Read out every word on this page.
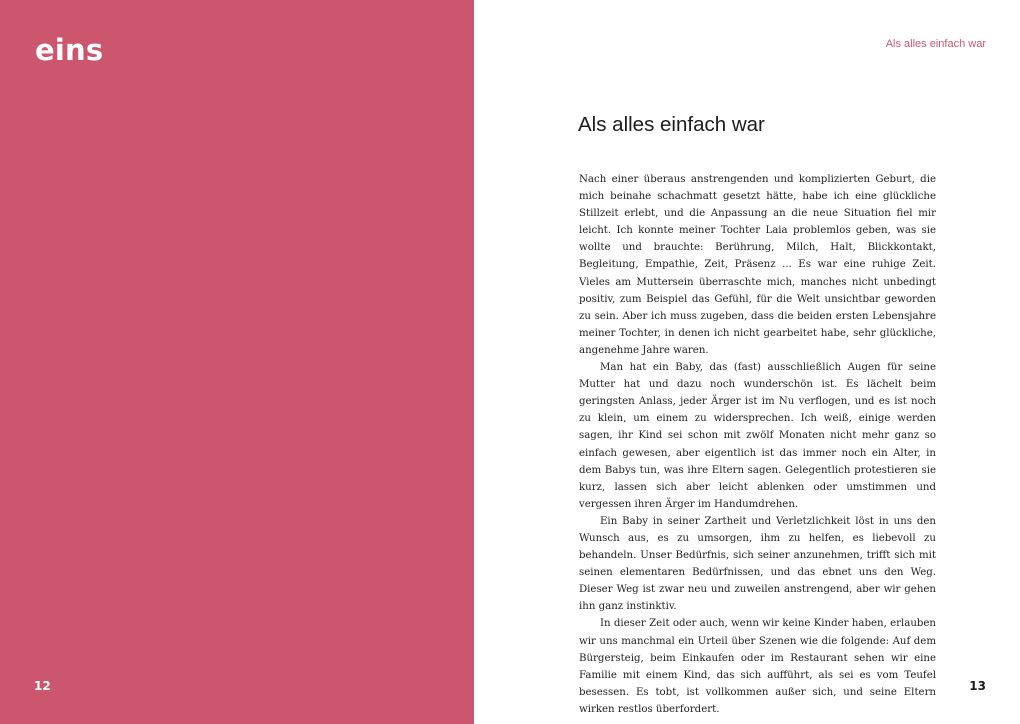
eins
12
Als alles einfach war
Als alles einfach war

Nach einer überaus anstrengenden und komplizierten Geburt, die mich beinahe schachmatt gesetzt hätte, habe ich eine glückliche Stillzeit erlebt, und die Anpassung an die neue Situation fiel mir leicht. Ich konnte meiner Tochter Laia problemlos geben, was sie wollte und brauchte: Berührung, Milch, Halt, Blickkontakt, Begleitung, Empathie, Zeit, Präsenz ... Es war eine ruhige Zeit. Vieles am Muttersein überraschte mich, manches nicht unbedingt positiv, zum Beispiel das Gefühl, für die Welt unsichtbar geworden zu sein. Aber ich muss zugeben, dass die beiden ersten Lebensjahre meiner Tochter, in denen ich nicht gearbeitet habe, sehr glückliche, angenehme Jahre waren.

Man hat ein Baby, das (fast) ausschließlich Augen für seine Mutter hat und dazu noch wunderschön ist. Es lächelt beim geringsten Anlass, jeder Ärger ist im Nu verflogen, und es ist noch zu klein, um einem zu widersprechen. Ich weiß, einige werden sagen, ihr Kind sei schon mit zwölf Monaten nicht mehr ganz so einfach gewesen, aber eigentlich ist das immer noch ein Alter, in dem Babys tun, was ihre Eltern sagen. Gelegentlich protestieren sie kurz, lassen sich aber leicht ablenken oder umstimmen und vergessen ihren Ärger im Handumdrehen.

Ein Baby in seiner Zartheit und Verletzlichkeit löst in uns den Wunsch aus, es zu umsorgen, ihm zu helfen, es liebevoll zu behandeln. Unser Bedürfnis, sich seiner anzunehmen, trifft sich mit seinen elementaren Bedürfnissen, und das ebnet uns den Weg. Dieser Weg ist zwar neu und zuweilen anstrengend, aber wir gehen ihn ganz instinktiv.

In dieser Zeit oder auch, wenn wir keine Kinder haben, erlauben wir uns manchmal ein Urteil über Szenen wie die folgende: Auf dem Bürgersteig, beim Einkaufen oder im Restaurant sehen wir eine Familie mit einem Kind, das sich aufführt, als sei es vom Teufel besessen. Es tobt, ist vollkommen außer sich, und seine Eltern wirken restlos überfordert.

13
